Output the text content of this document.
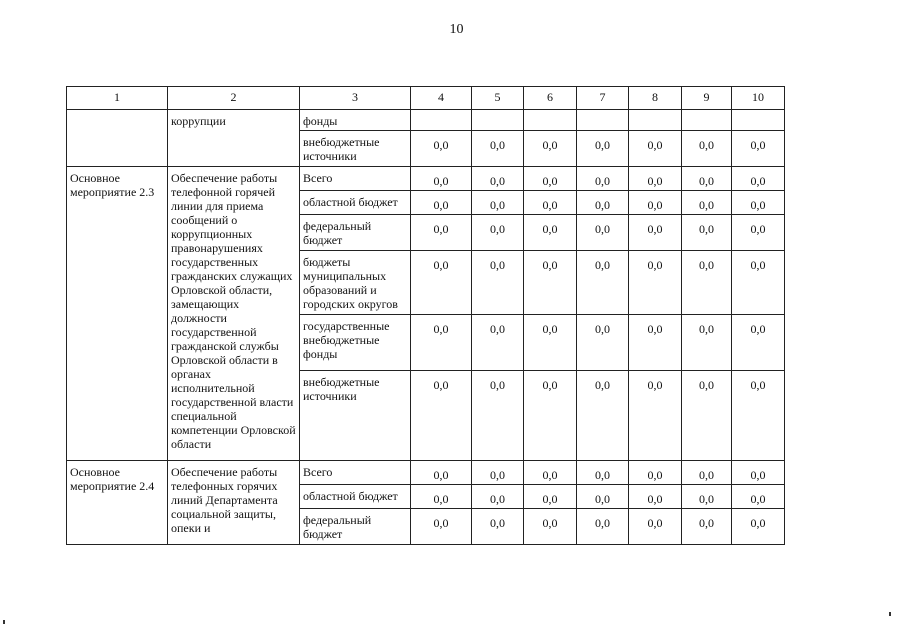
10
1	2	3	4	5	6	7	8	9	10
	коррупции	фонды							
		внебюджетные источники	0,0	0,0	0,0	0,0	0,0	0,0	0,0
Основное мероприятие 2.3	Обеспечение работы телефонной горячей линии для приема сообщений о коррупционных правонарушениях государственных гражданских служащих Орловской области, замещающих должности государственной гражданской службы Орловской области в органах исполнительной государственной власти специальной компетенции Орловской области	Всего	0,0	0,0	0,0	0,0	0,0	0,0	0,0
		областной бюджет	0,0	0,0	0,0	0,0	0,0	0,0	0,0
		федеральный бюджет	0,0	0,0	0,0	0,0	0,0	0,0	0,0
		бюджеты муниципальных образований и городских округов	0,0	0,0	0,0	0,0	0,0	0,0	0,0
		государственные внебюджетные фонды	0,0	0,0	0,0	0,0	0,0	0,0	0,0
		внебюджетные источники	0,0	0,0	0,0	0,0	0,0	0,0	0,0
Основное мероприятие 2.4	Обеспечение работы телефонных горячих линий Департамента социальной защиты, опеки и	Всего	0,0	0,0	0,0	0,0	0,0	0,0	0,0
		областной бюджет	0,0	0,0	0,0	0,0	0,0	0,0	0,0
		федеральный бюджет	0,0	0,0	0,0	0,0	0,0	0,0	0,0
